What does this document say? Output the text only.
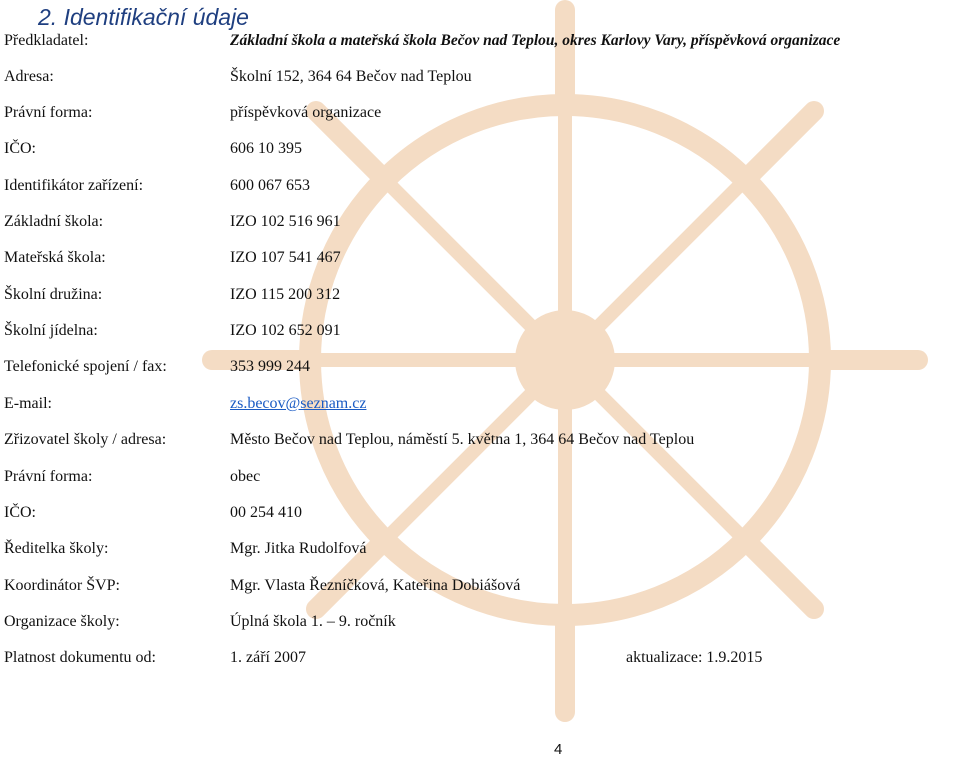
2. Identifikační údaje
Předkladatel:	Základní škola a mateřská škola Bečov nad Teplou, okres Karlovy Vary, příspěvková organizace
Adresa:	Školní 152, 364 64 Bečov nad Teplou
Právní forma:	příspěvková organizace
IČO:	606 10 395
Identifikátor zařízení:	600 067 653
Základní škola:	IZO 102 516 961
Mateřská škola:	IZO 107 541 467
Školní družina:	IZO 115 200 312
Školní jídelna:	IZO 102 652 091
Telefonické spojení / fax:	353 999 244
E-mail:	zs.becov@seznam.cz
Zřizovatel školy / adresa:	Město Bečov nad Teplou, náměstí 5. května 1, 364 64 Bečov nad Teplou
Právní forma:	obec
IČO:	00 254 410
Ředitelka školy:	Mgr. Jitka Rudolfová
Koordinátor ŠVP:	Mgr. Vlasta Řezníčková, Kateřina Dobiášová
Organizace školy:	Úplná škola 1. – 9. ročník
Platnost dokumentu od:	1. září 2007	aktualizace: 1.9.2015
4
